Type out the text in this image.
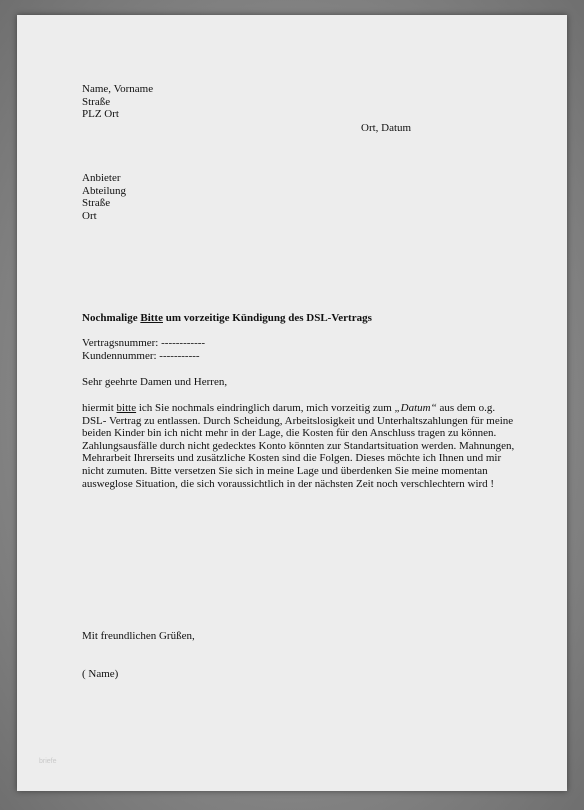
Name, Vorname
Straße
PLZ Ort
Ort, Datum
Anbieter
Abteilung
Straße
Ort
Nochmalige Bitte um vorzeitige Kündigung des DSL-Vertrags
Vertragsnummer: ------------
Kundennummer: -----------
Sehr geehrte Damen und Herren,
hiermit bitte ich Sie nochmals eindringlich darum, mich vorzeitig zum „Datum“ aus dem o.g. DSL- Vertrag zu entlassen. Durch Scheidung, Arbeitslosigkeit und Unterhaltszahlungen für meine beiden Kinder bin ich nicht mehr in der Lage, die Kosten für den Anschluss tragen zu können. Zahlungsausfälle durch nicht gedecktes Konto könnten zur Standartsituation werden. Mahnungen, Mehrarbeit Ihrerseits und zusätzliche Kosten sind die Folgen. Dieses möchte ich Ihnen und mir nicht zumuten. Bitte versetzen Sie sich in meine Lage und überdenken Sie meine momentan ausweglose Situation, die sich voraussichtlich in der nächsten Zeit noch verschlechtern wird !
Mit freundlichen Grüßen,
( Name)
briefe
